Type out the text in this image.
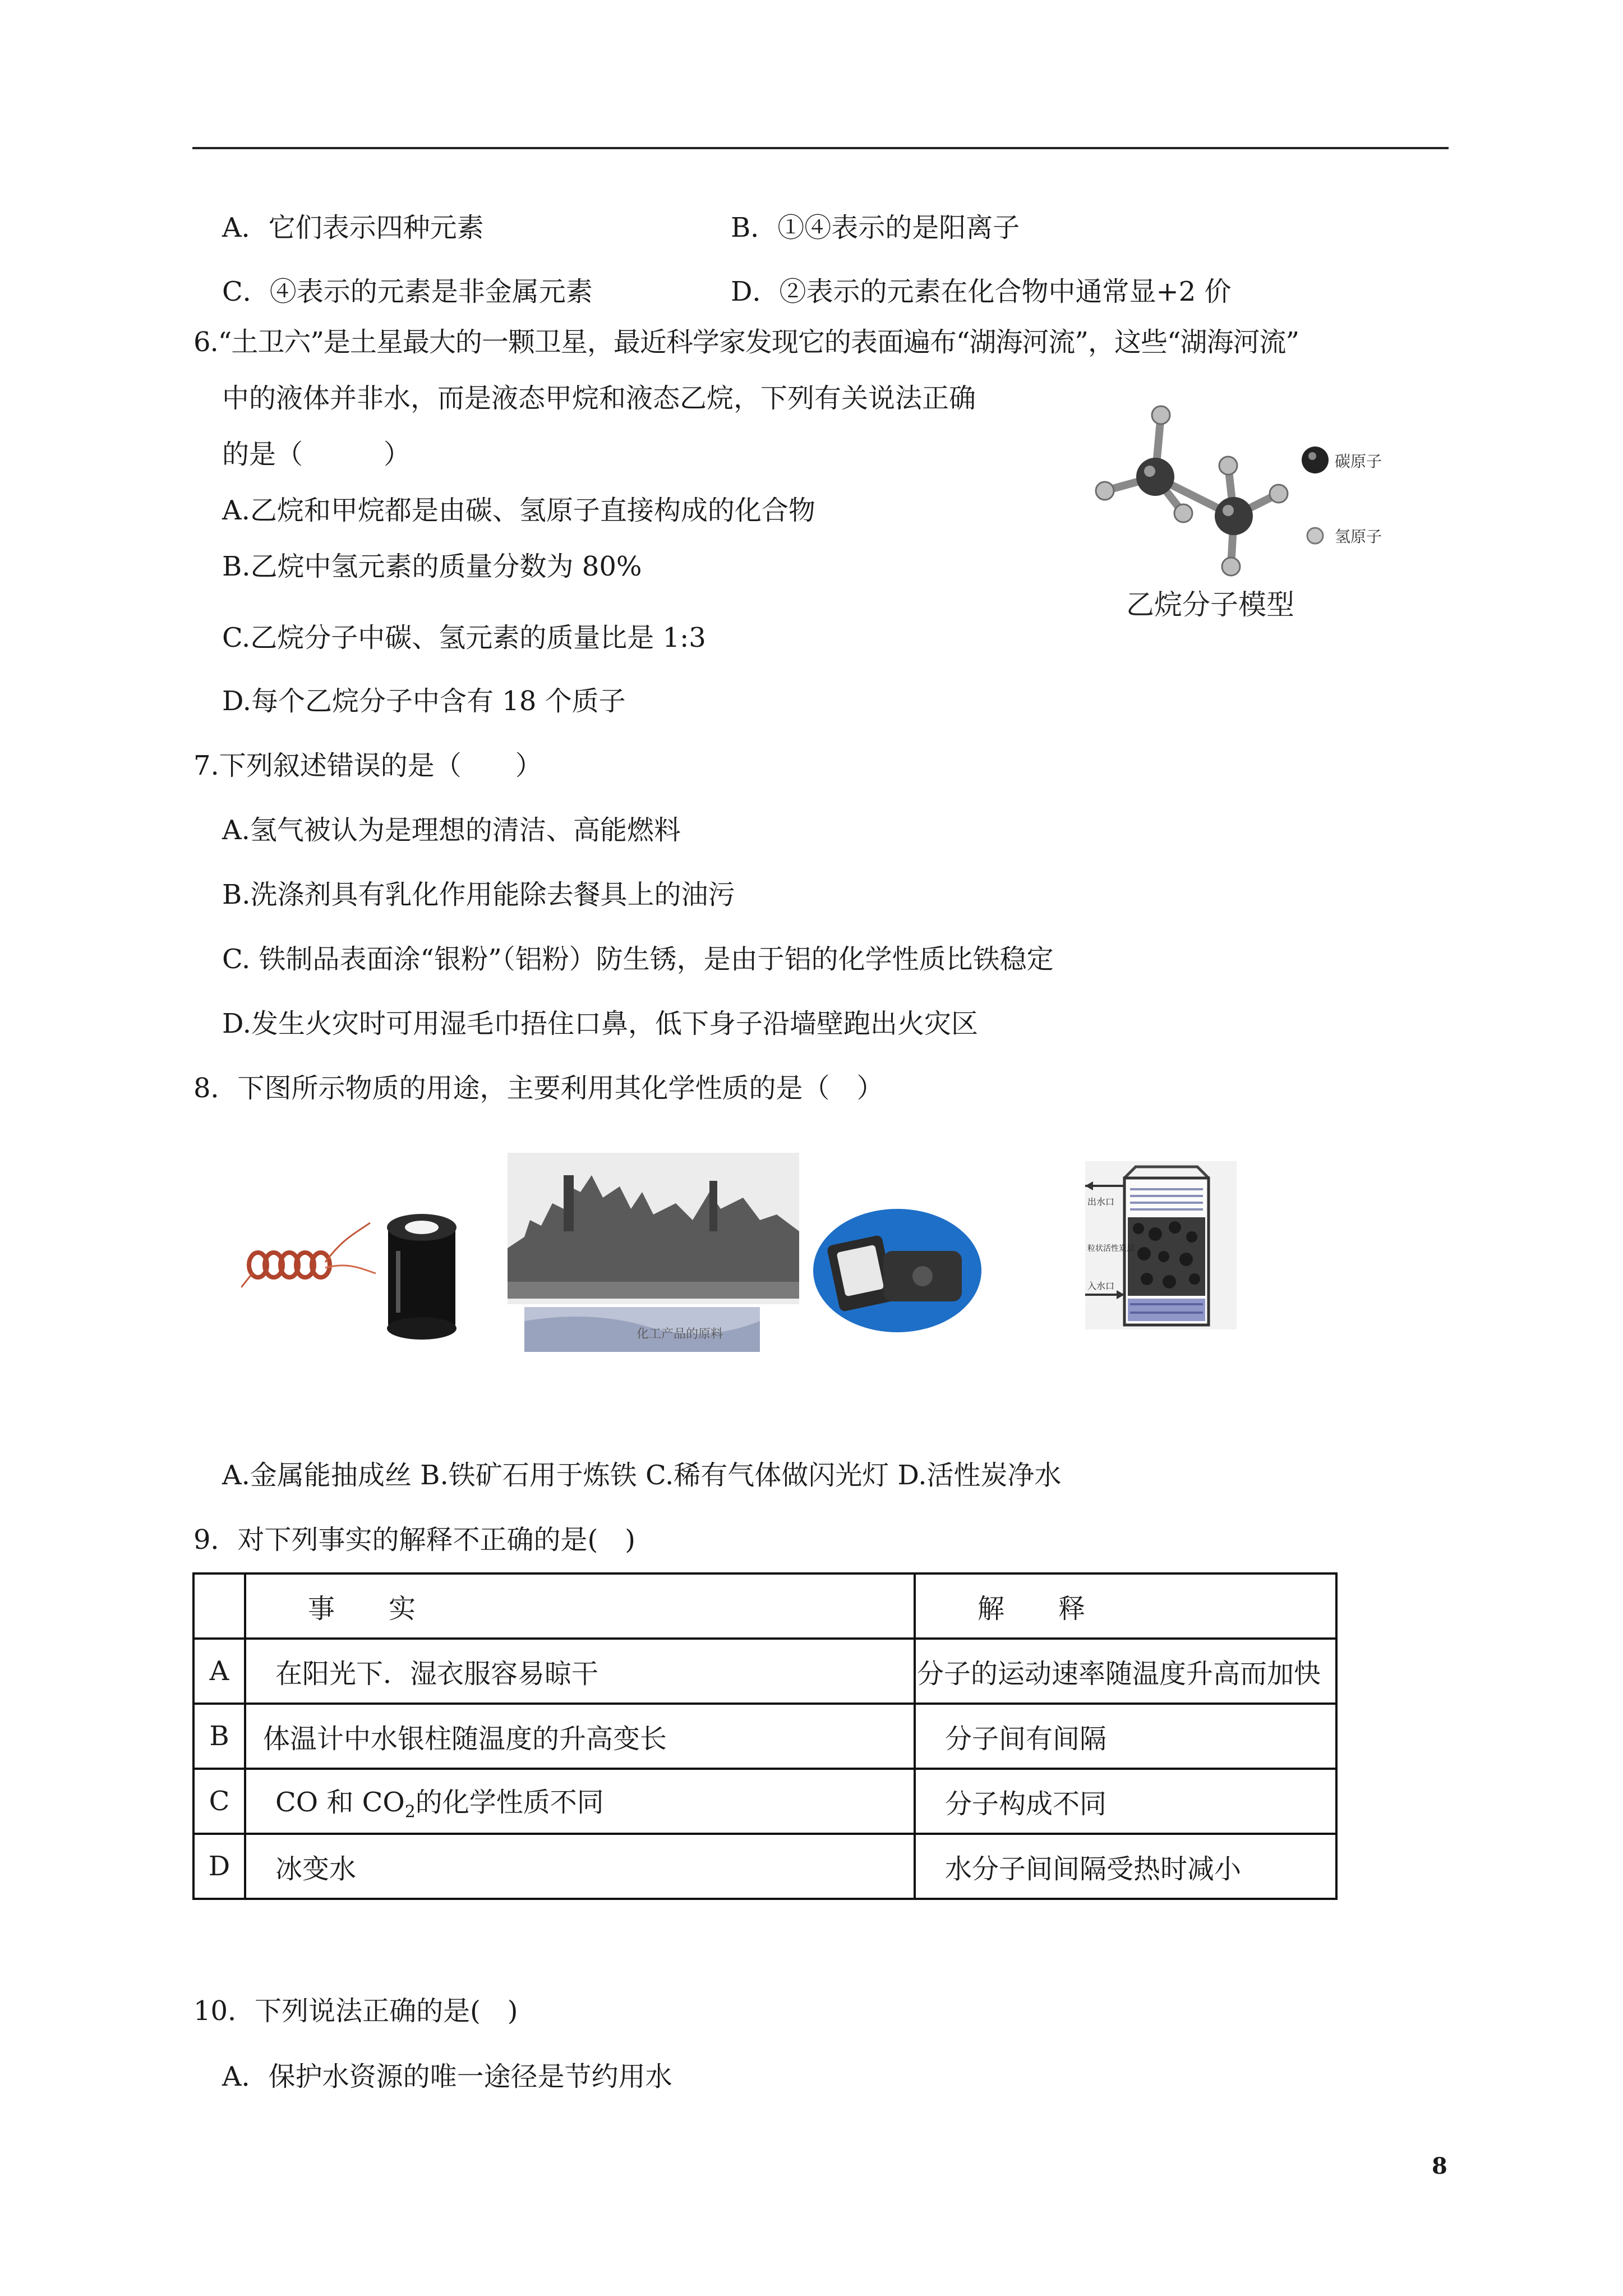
A．它们表示四种元素	B．①④表示的是阳离子
C．④表示的元素是非金属元素	D．②表示的元素在化合物中通常显+2 价
6.“土卫六”是土星最大的一颗卫星，最近科学家发现它的表面遍布“湖海河流”，这些“湖海河流”
中的液体并非水，而是液态甲烷和液态乙烷，下列有关说法正确
的是（　　　）
A.乙烷和甲烷都是由碳、氢原子直接构成的化合物
B.乙烷中氢元素的质量分数为 80%
C.乙烷分子中碳、氢元素的质量比是 1:3
D.每个乙烷分子中含有 18 个质子
碳原子
氢原子
乙烷分子模型
7.下列叙述错误的是（　　）
A.氢气被认为是理想的清洁、高能燃料
B.洗涤剂具有乳化作用能除去餐具上的油污
C. 铁制品表面涂“银粉”（铝粉）防生锈，是由于铝的化学性质比铁稳定
D.发生火灾时可用湿毛巾捂住口鼻，低下身子沿墙壁跑出火灾区
8．下图所示物质的用途，主要利用其化学性质的是（　）
化工产品的原料
出水口
粒状活性炭层
入水口
A.金属能抽成丝 B.铁矿石用于炼铁 C.稀有气体做闪光灯 D.活性炭净水
9．对下列事实的解释不正确的是(　)
	事　　实	解　　释
A	在阳光下．湿衣服容易晾干	分子的运动速率随温度升高而加快
B	体温计中水银柱随温度的升高变长	分子间有间隔
C	CO 和 $CO_2$的化学性质不同	分子构成不同
D	冰变水	水分子间间隔受热时减小
10．下列说法正确的是(　)
A．保护水资源的唯一途径是节约用水
8
